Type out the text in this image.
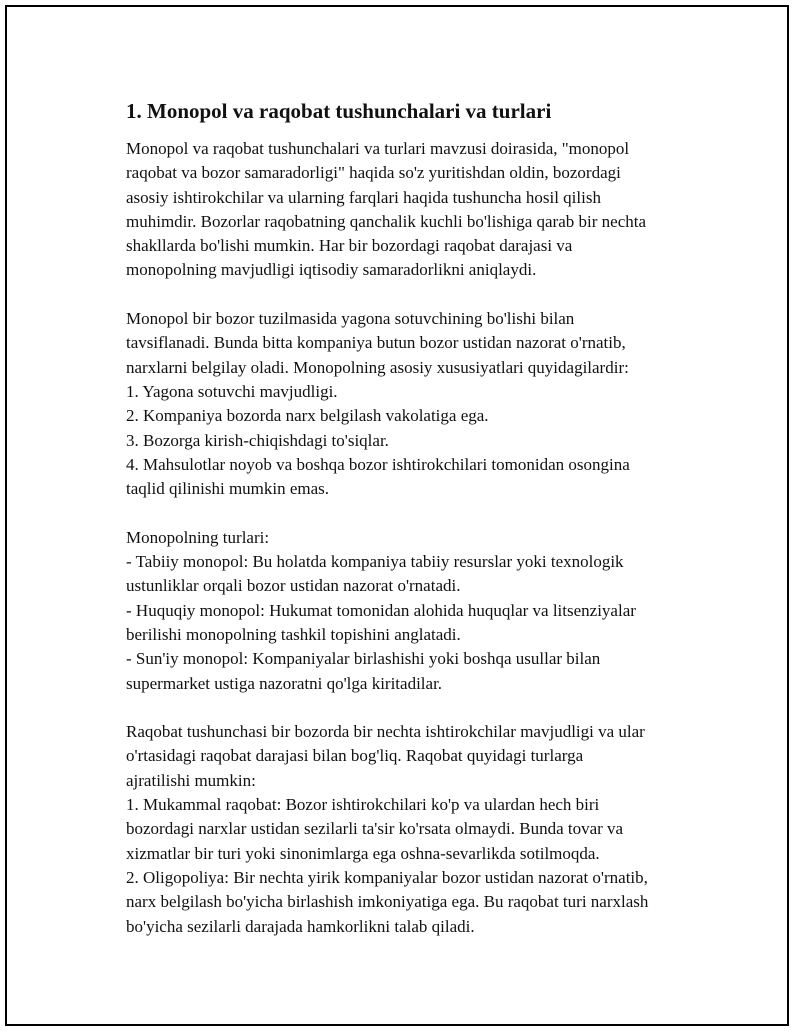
1. Monopol va raqobat tushunchalari va turlari

Monopol va raqobat tushunchalari va turlari mavzusi doirasida, "monopol
raqobat va bozor samaradorligi" haqida so'z yuritishdan oldin, bozordagi
asosiy ishtirokchilar va ularning farqlari haqida tushuncha hosil qilish
muhimdir. Bozorlar raqobatning qanchalik kuchli bo'lishiga qarab bir nechta
shakllarda bo'lishi mumkin. Har bir bozordagi raqobat darajasi va
monopolning mavjudligi iqtisodiy samaradorlikni aniqlaydi.

Monopol bir bozor tuzilmasida yagona sotuvchining bo'lishi bilan
tavsiflanadi. Bunda bitta kompaniya butun bozor ustidan nazorat o'rnatib,
narxlarni belgilay oladi. Monopolning asosiy xususiyatlari quyidagilardir:
1. Yagona sotuvchi mavjudligi.
2. Kompaniya bozorda narx belgilash vakolatiga ega.
3. Bozorga kirish-chiqishdagi to'siqlar.
4. Mahsulotlar noyob va boshqa bozor ishtirokchilari tomonidan osongina
taqlid qilinishi mumkin emas.

Monopolning turlari:
- Tabiiy monopol: Bu holatda kompaniya tabiiy resurslar yoki texnologik
ustunliklar orqali bozor ustidan nazorat o'rnatadi.
- Huquqiy monopol: Hukumat tomonidan alohida huquqlar va litsenziyalar
berilishi monopolning tashkil topishini anglatadi.
- Sun'iy monopol: Kompaniyalar birlashishi yoki boshqa usullar bilan
supermarket ustiga nazoratni qo'lga kiritadilar.

Raqobat tushunchasi bir bozorda bir nechta ishtirokchilar mavjudligi va ular
o'rtasidagi raqobat darajasi bilan bog'liq. Raqobat quyidagi turlarga
ajratilishi mumkin:
1. Mukammal raqobat: Bozor ishtirokchilari ko'p va ulardan hech biri
bozordagi narxlar ustidan sezilarli ta'sir ko'rsata olmaydi. Bunda tovar va
xizmatlar bir turi yoki sinonimlarga ega oshna-sevarlikda sotilmoqda.
2. Oligopoliya: Bir nechta yirik kompaniyalar bozor ustidan nazorat o'rnatib,
narx belgilash bo'yicha birlashish imkoniyatiga ega. Bu raqobat turi narxlash
bo'yicha sezilarli darajada hamkorlikni talab qiladi.
